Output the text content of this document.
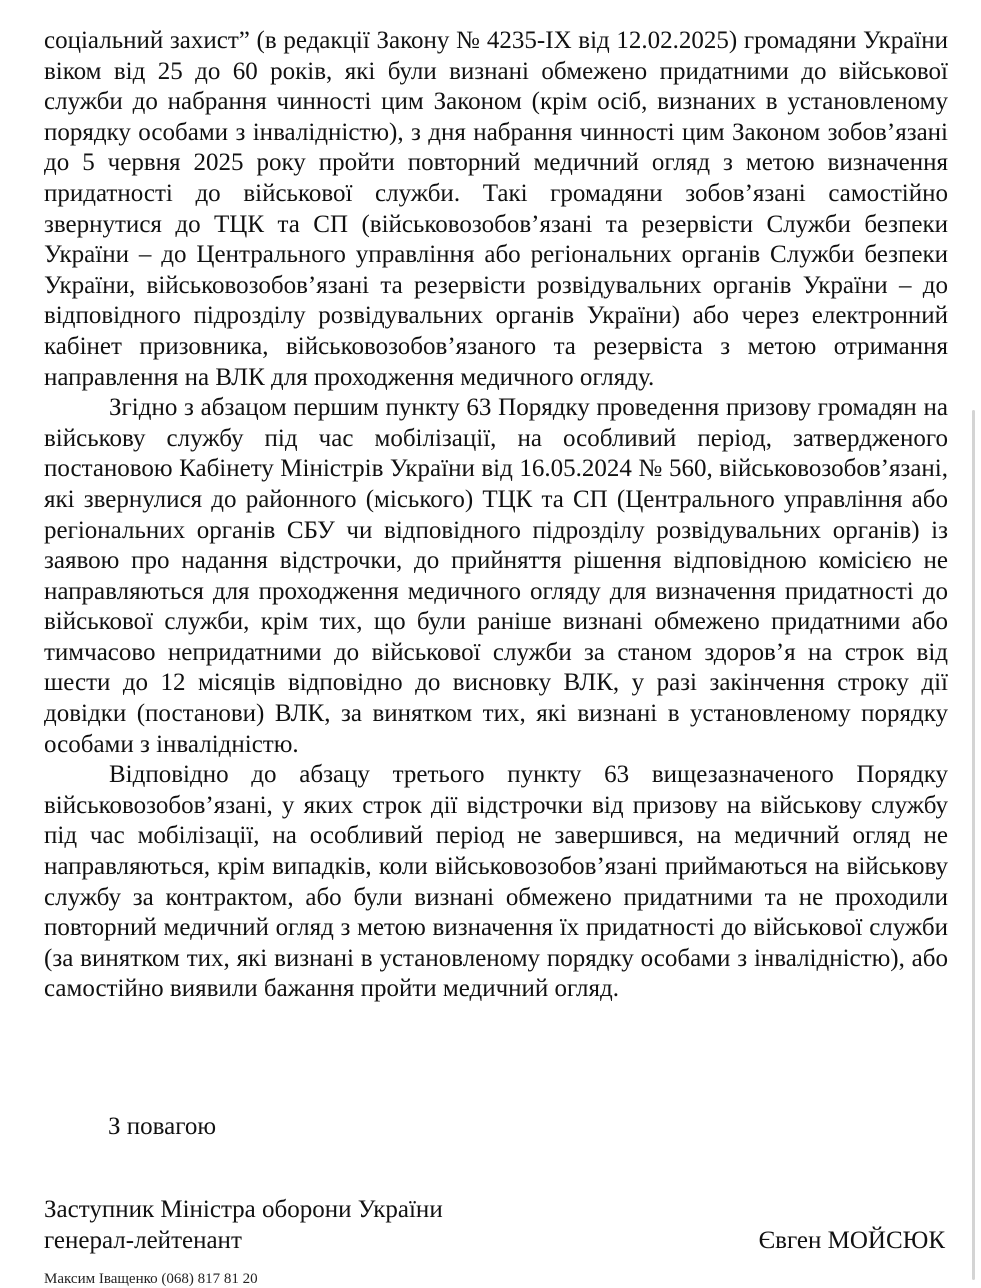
соціальний захист” (в редакції Закону № 4235-IX від 12.02.2025) громадяни України віком від 25 до 60 років, які були визнані обмежено придатними до військової служби до набрання чинності цим Законом (крім осіб, визнаних в установленому порядку особами з інвалідністю), з дня набрання чинності цим Законом зобов’язані до 5 червня 2025 року пройти повторний медичний огляд з метою визначення придатності до військової служби. Такі громадяни зобов’язані самостійно звернутися до ТЦК та СП (військовозобов’язані та резервісти Служби безпеки України – до Центрального управління або регіональних органів Служби безпеки України, військовозобов’язані та резервісти розвідувальних органів України – до відповідного підрозділу розвідувальних органів України) або через електронний кабінет призовника, військовозобов’язаного та резервіста з метою отримання направлення на ВЛК для проходження медичного огляду.

Згідно з абзацом першим пункту 63 Порядку проведення призову громадян на військову службу під час мобілізації, на особливий період, затвердженого постановою Кабінету Міністрів України від 16.05.2024 № 560, військовозобов’язані, які звернулися до районного (міського) ТЦК та СП (Центрального управління або регіональних органів СБУ чи відповідного підрозділу розвідувальних органів) із заявою про надання відстрочки, до прийняття рішення відповідною комісією не направляються для проходження медичного огляду для визначення придатності до військової служби, крім тих, що були раніше визнані обмежено придатними або тимчасово непридатними до військової служби за станом здоров’я на строк від шести до 12 місяців відповідно до висновку ВЛК, у разі закінчення строку дії довідки (постанови) ВЛК, за винятком тих, які визнані в установленому порядку особами з інвалідністю.

Відповідно до абзацу третього пункту 63 вищезазначеного Порядку військовозобов’язані, у яких строк дії відстрочки від призову на військову службу під час мобілізації, на особливий період не завершився, на медичний огляд не направляються, крім випадків, коли військовозобов’язані приймаються на військову службу за контрактом, або були визнані обмежено придатними та не проходили повторний медичний огляд з метою визначення їх придатності до військової служби (за винятком тих, які визнані в установленому порядку особами з інвалідністю), або самостійно виявили бажання пройти медичний огляд.

З повагою
Заступник Міністра оборони України
генерал-лейтенант	Євген МОЙСЮК
Максим Іващенко (068) 817 81 20
